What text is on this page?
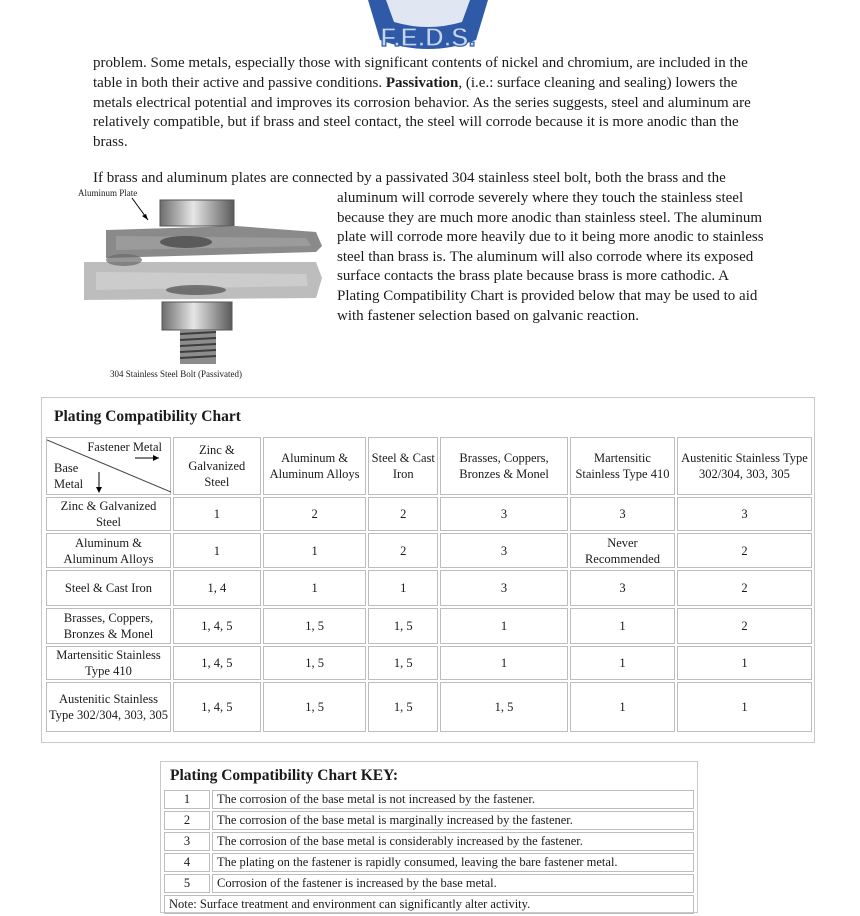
F.E.D.S.
problem. Some metals, especially those with significant contents of nickel and chromium, are included in the table in both their active and passive conditions. Passivation, (i.e.: surface cleaning and sealing) lowers the metals electrical potential and improves its corrosion behavior. As the series suggests, steel and aluminum are relatively compatible, but if brass and steel contact, the steel will corrode because it is more anodic than the brass.
If brass and aluminum plates are connected by a passivated 304 stainless steel bolt, both the brass and the
aluminum will corrode severely where they touch the stainless steel because they are much more anodic than stainless steel. The aluminum plate will corrode more heavily due to it being more anodic to stainless steel than brass is. The aluminum will also corrode where its exposed surface contacts the brass plate because brass is more cathodic. A Plating Compatibility Chart is provided below that may be used to aid with fastener selection based on galvanic reaction.
Aluminum Plate
304 Stainless Steel Bolt (Passivated)
Plating Compatibility Chart
Fastener Metal
Base
Metal	Zinc & Galvanized Steel	Aluminum & Aluminum Alloys	Steel & Cast Iron	Brasses, Coppers, Bronzes & Monel	Martensitic Stainless Type 410	Austenitic Stainless Type 302/304, 303, 305
Zinc & Galvanized Steel	1	2	2	3	3	3
Aluminum & Aluminum Alloys	1	1	2	3	Never Recommended	2
Steel & Cast Iron	1, 4	1	1	3	3	2
Brasses, Coppers, Bronzes & Monel	1, 4, 5	1, 5	1, 5	1	1	2
Martensitic Stainless Type 410	1, 4, 5	1, 5	1, 5	1	1	1
Austenitic Stainless Type 302/304, 303, 305	1, 4, 5	1, 5	1, 5	1, 5	1	1
Plating Compatibility Chart KEY:
1	The corrosion of the base metal is not increased by the fastener.
2	The corrosion of the base metal is marginally increased by the fastener.
3	The corrosion of the base metal is considerably increased by the fastener.
4	The plating on the fastener is rapidly consumed, leaving the bare fastener metal.
5	Corrosion of the fastener is increased by the base metal.
Note: Surface treatment and environment can significantly alter activity.	
